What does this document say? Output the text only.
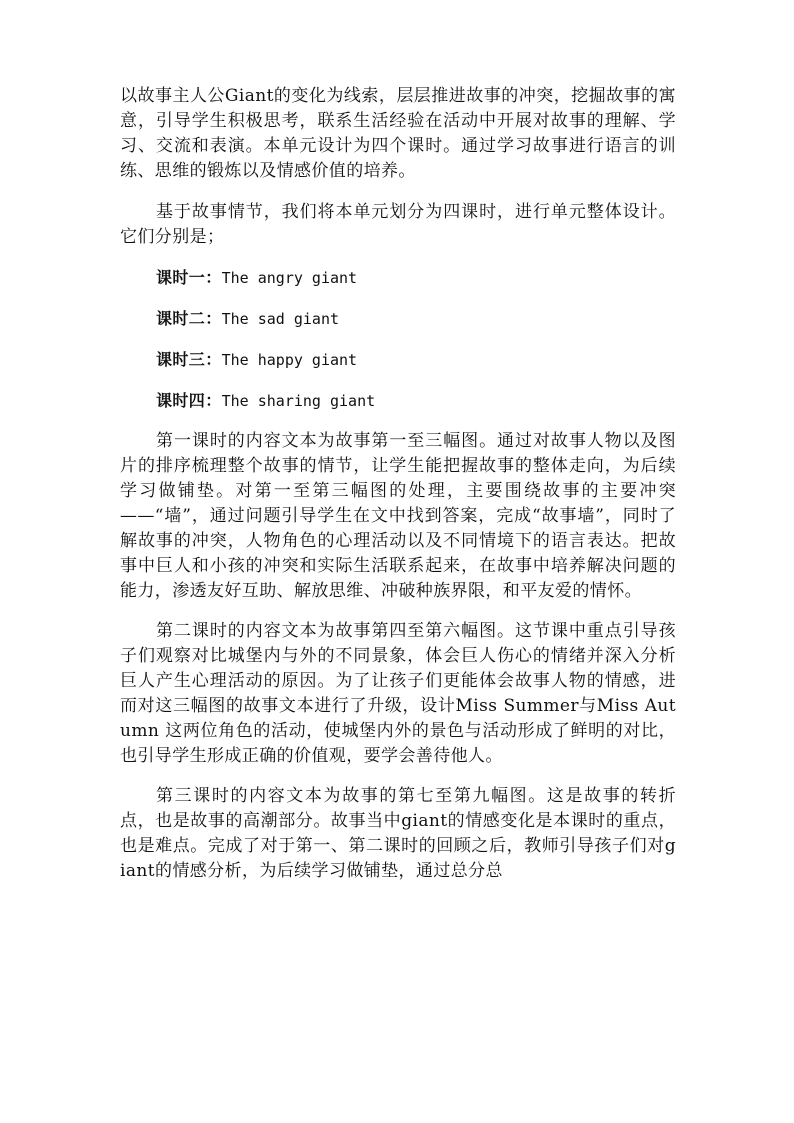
以故事主人公Giant的变化为线索，层层推进故事的冲突，挖掘故事的寓意，引导学生积极思考，联系生活经验在活动中开展对故事的理解、学习、交流和表演。本单元设计为四个课时。通过学习故事进行语言的训练、思维的锻炼以及情感价值的培养。

基于故事情节，我们将本单元划分为四课时，进行单元整体设计。它们分别是；

课时一：The angry giant

课时二：The sad giant

课时三：The happy giant

课时四：The sharing giant

第一课时的内容文本为故事第一至三幅图。通过对故事人物以及图片的排序梳理整个故事的情节，让学生能把握故事的整体走向，为后续学习做铺垫。对第一至第三幅图的处理，主要围绕故事的主要冲突——“墙”，通过问题引导学生在文中找到答案，完成“故事墙”，同时了解故事的冲突，人物角色的心理活动以及不同情境下的语言表达。把故事中巨人和小孩的冲突和实际生活联系起来，在故事中培养解决问题的能力，渗透友好互助、解放思维、冲破种族界限，和平友爱的情怀。

第二课时的内容文本为故事第四至第六幅图。这节课中重点引导孩子们观察对比城堡内与外的不同景象，体会巨人伤心的情绪并深入分析巨人产生心理活动的原因。为了让孩子们更能体会故事人物的情感，进而对这三幅图的故事文本进行了升级，设计Miss Summer与Miss Autumn 这两位角色的活动，使城堡内外的景色与活动形成了鲜明的对比，也引导学生形成正确的价值观，要学会善待他人。

第三课时的内容文本为故事的第七至第九幅图。这是故事的转折点，也是故事的高潮部分。故事当中giant的情感变化是本课时的重点，也是难点。完成了对于第一、第二课时的回顾之后，教师引导孩子们对giant的情感分析，为后续学习做铺垫，通过总分总
